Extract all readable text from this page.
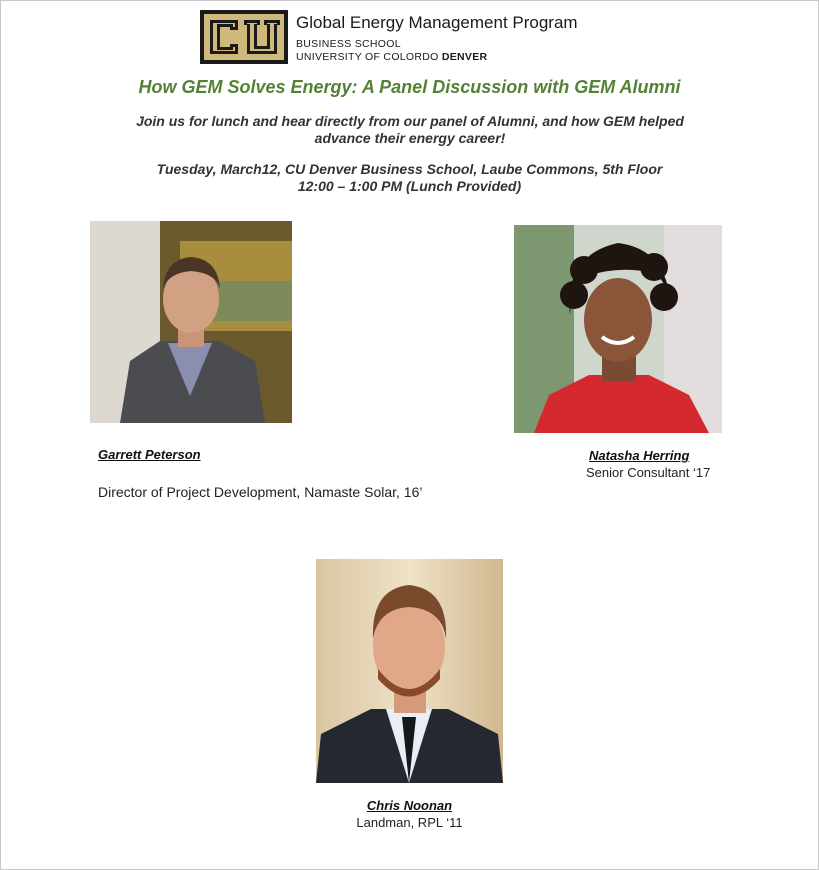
Global Energy Management Program
BUSINESS SCHOOL
UNIVERSITY OF COLORDO DENVER
How GEM Solves Energy: A Panel Discussion with GEM Alumni
Join us for lunch and hear directly from our panel of Alumni, and how GEM helped advance their energy career!
Tuesday, March12, CU Denver Business School, Laube Commons, 5th Floor
12:00 – 1:00 PM (Lunch Provided)
Garrett Peterson
Director of Project Development, Namaste Solar, 16’
Natasha Herring
Senior Consultant ‘17
Chris Noonan
Landman, RPL ‘11
